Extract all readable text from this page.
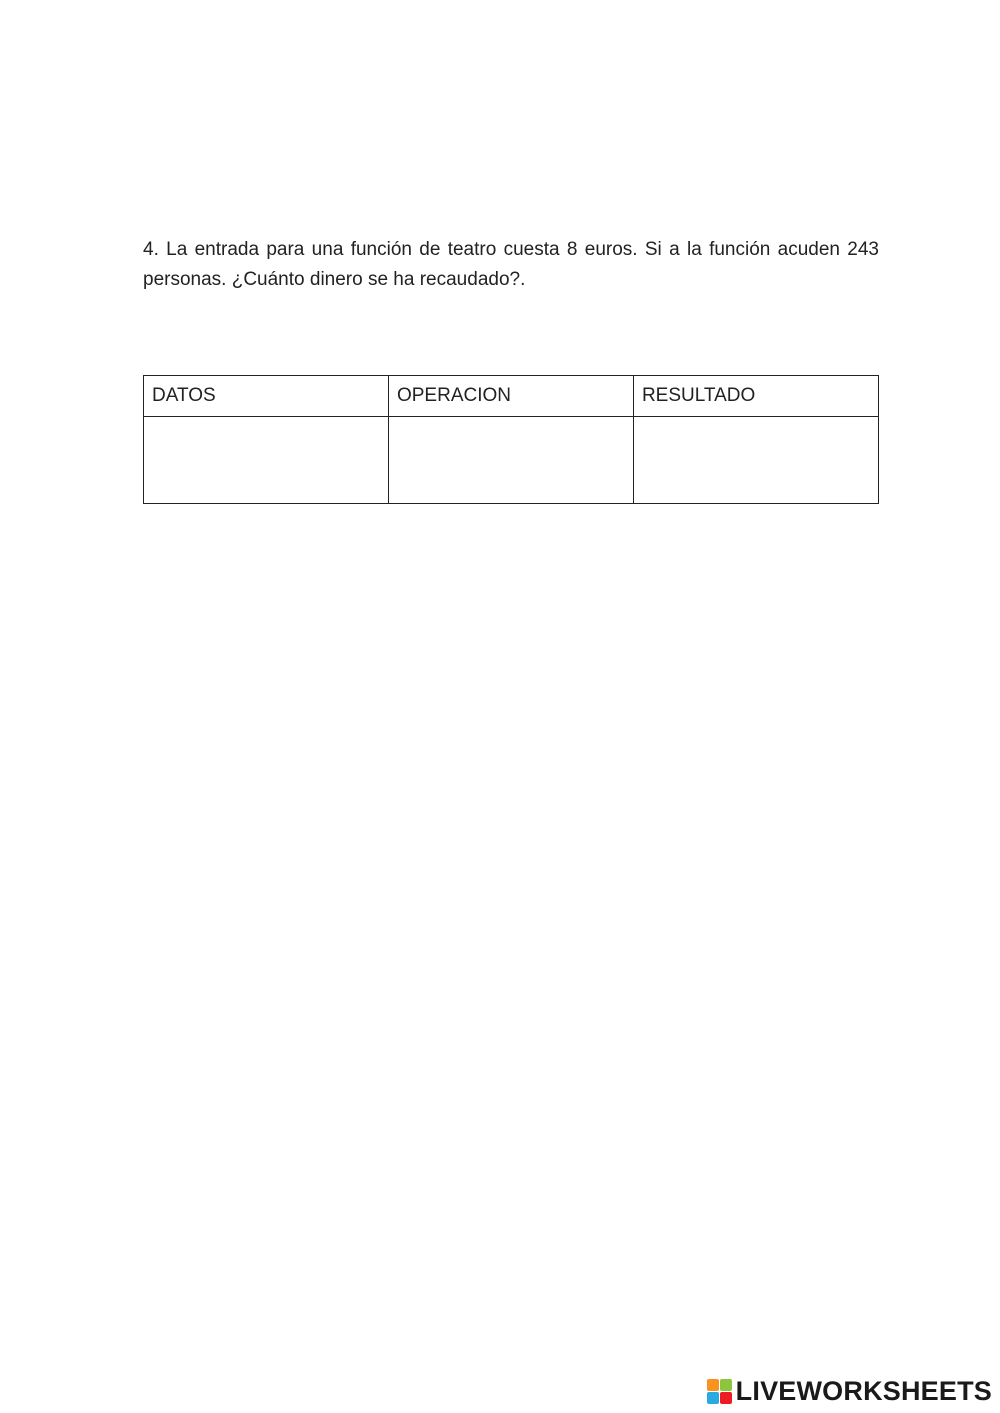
4. La entrada para una función de teatro cuesta 8 euros. Si a la función acuden 243 personas. ¿Cuánto dinero se ha recaudado?.

DATOS	OPERACION	RESULTADO

LIVEWORKSHEETS
